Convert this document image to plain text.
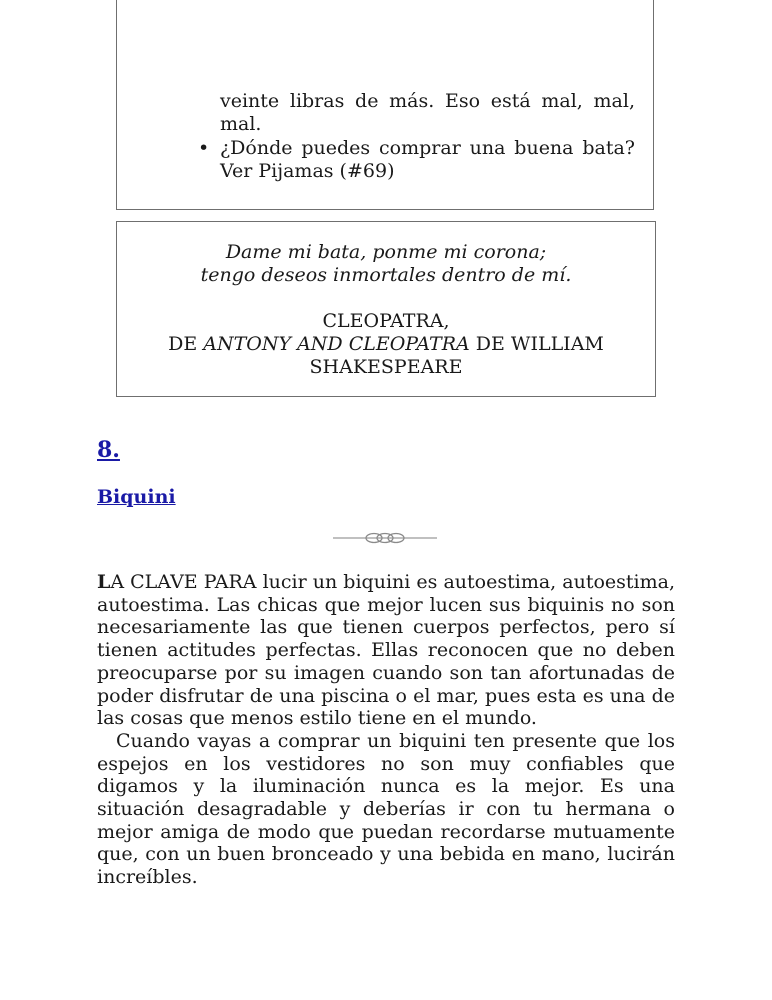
veinte libras de más. Eso está mal, mal, mal.
• ¿Dónde puedes comprar una buena bata? Ver Pijamas (#69)
Dame mi bata, ponme mi corona;
tengo deseos inmortales dentro de mí.
CLEOPATRA,
DE ANTONY AND CLEOPATRA DE WILLIAM SHAKESPEARE
8.
Biquini

LA CLAVE PARA lucir un biquini es autoestima, autoestima, autoestima. Las chicas que mejor lucen sus biquinis no son necesariamente las que tienen cuerpos perfectos, pero sí tienen actitudes perfectas. Ellas reconocen que no deben preocuparse por su imagen cuando son tan afortunadas de poder disfrutar de una piscina o el mar, pues esta es una de las cosas que menos estilo tiene en el mundo.

Cuando vayas a comprar un biquini ten presente que los espejos en los vestidores no son muy confiables que digamos y la iluminación nunca es la mejor. Es una situación desagradable y deberías ir con tu hermana o mejor amiga de modo que puedan recordarse mutuamente que, con un buen bronceado y una bebida en mano, lucirán increíbles.
